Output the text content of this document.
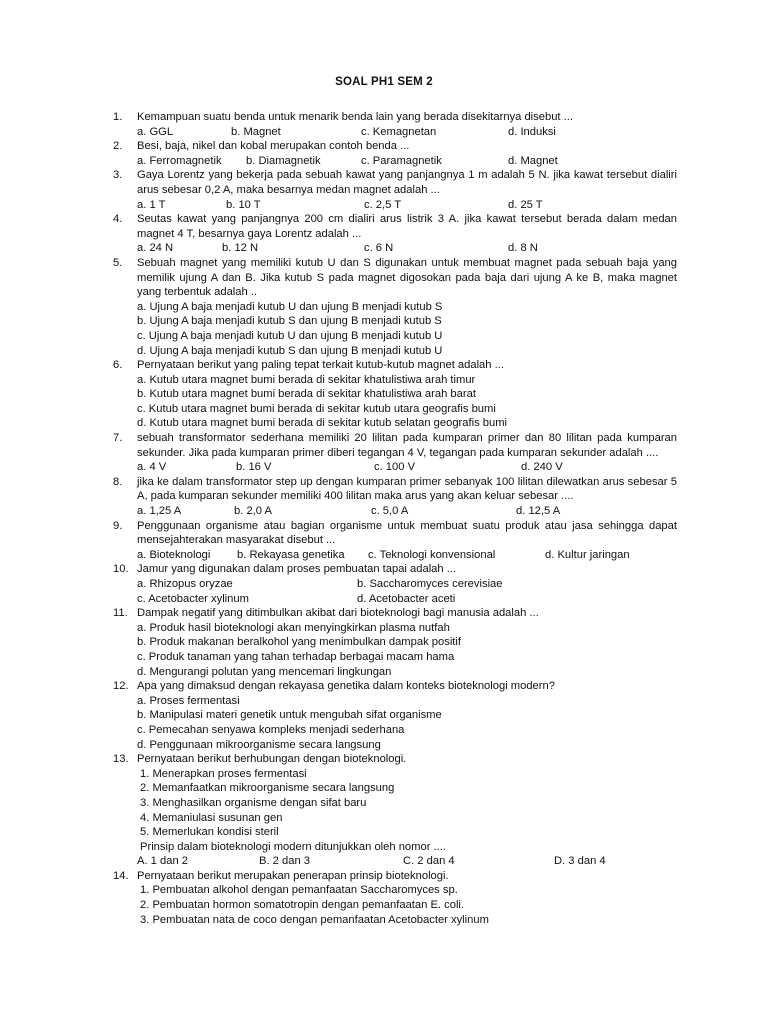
SOAL PH1 SEM 2
1. Kemampuan suatu benda untuk menarik benda lain yang berada disekitarnya disebut ...
a. GGL	b. Magnet	c. Kemagnetan	d. Induksi
2. Besi, baja, nikel dan kobal merupakan contoh benda ...
a. Ferromagnetik b. Diamagnetik	c. Paramagnetik	d. Magnet
3. Gaya Lorentz yang bekerja pada sebuah kawat yang panjangnya 1 m adalah 5 N. jika kawat tersebut dialiri arus sebesar 0,2 A, maka besarnya medan magnet adalah ...
a. 1 T	b. 10 T	c. 2,5 T	d. 25 T
4. Seutas kawat yang panjangnya 200 cm dialiri arus listrik 3 A. jika kawat tersebut berada dalam medan magnet 4 T, besarnya gaya Lorentz adalah ...
a. 24 N	b. 12 N	c. 6 N	d. 8 N
5. Sebuah magnet yang memiliki kutub U dan S digunakan untuk membuat magnet pada sebuah baja yang memilik ujung A dan B. Jika kutub S pada magnet digosokan pada baja dari ujung A ke B, maka magnet yang terbentuk adalah ..
a. Ujung A baja menjadi kutub U dan ujung B menjadi kutub S
b. Ujung A baja menjadi kutub S dan ujung B menjadi kutub S
c. Ujung A baja menjadi kutub U dan ujung B menjadi kutub U
d. Ujung A baja menjadi kutub S dan ujung B menjadi kutub U
6. Pernyataan berikut yang paling tepat terkait kutub-kutub magnet adalah ...
a. Kutub utara magnet bumi berada di sekitar khatulistiwa arah timur
b. Kutub utara magnet bumi berada di sekitar khatulistiwa arah barat
c. Kutub utara magnet bumi berada di sekitar kutub utara geografis bumi
d. Kutub utara magnet bumi berada di sekitar kutub selatan geografis bumi
7. sebuah transformator sederhana memiliki 20 lilitan pada kumparan primer dan 80 lilitan pada kumparan sekunder. Jika pada kumparan primer diberi tegangan 4 V, tegangan pada kumparan sekunder adalah ....
a. 4 V	b. 16 V	c. 100 V	d. 240 V
8. jika ke dalam transformator step up dengan kumparan primer sebanyak 100 lilitan dilewatkan arus sebesar 5 A, pada kumparan sekunder memiliki 400 lilitan maka arus yang akan keluar sebesar ....
a. 1,25 A	b. 2,0 A	c. 5,0 A	d. 12,5 A
9. Penggunaan organisme atau bagian organisme untuk membuat suatu produk atau jasa sehingga dapat mensejahterakan masyarakat disebut ...
a. Bioteknologi b. Rekayasa genetika c. Teknologi konvensional	d. Kultur jaringan
10. Jamur yang digunakan dalam proses pembuatan tapai adalah ...
a. Rhizopus oryzae	b. Saccharomyces cerevisiae
c. Acetobacter xylinum	d. Acetobacter aceti
11. Dampak negatif yang ditimbulkan akibat dari bioteknologi bagi manusia adalah ...
a. Produk hasil bioteknologi akan menyingkirkan plasma nutfah
b. Produk makanan beralkohol yang menimbulkan dampak positif
c. Produk tanaman yang tahan terhadap berbagai macam hama
d. Mengurangi polutan yang mencemari lingkungan
12. Apa yang dimaksud dengan rekayasa genetika dalam konteks bioteknologi modern?
a. Proses fermentasi
b. Manipulasi materi genetik untuk mengubah sifat organisme
c. Pemecahan senyawa kompleks menjadi sederhana
d. Penggunaan mikroorganisme secara langsung
13. Pernyataan berikut berhubungan dengan bioteknologi.
1. Menerapkan proses fermentasi
2. Memanfaatkan mikroorganisme secara langsung
3. Menghasilkan organisme dengan sifat baru
4. Memaniulasi susunan gen
5. Memerlukan kondisi steril
Prinsip dalam bioteknologi modern ditunjukkan oleh nomor ....
A. 1 dan 2	B. 2 dan 3	C. 2 dan 4	D. 3 dan 4
14. Pernyataan berikut merupakan penerapan prinsip bioteknologi.
1. Pembuatan alkohol dengan pemanfaatan Saccharomyces sp.
2. Pembuatan hormon somatotropin dengan pemanfaatan E. coli.
3. Pembuatan nata de coco dengan pemanfaatan Acetobacter xylinum
